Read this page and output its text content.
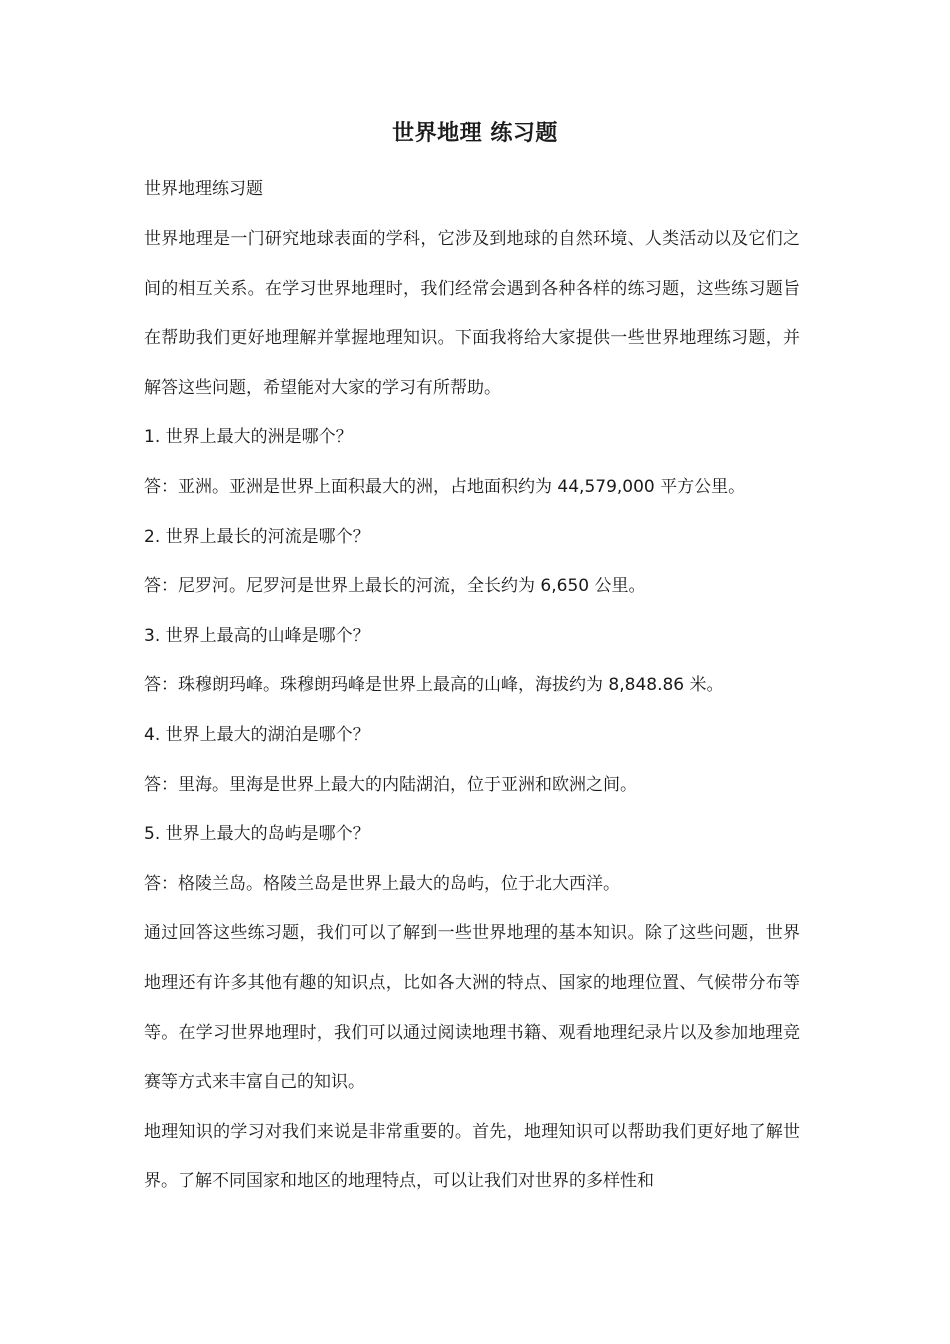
世界地理 练习题

世界地理练习题

世界地理是一门研究地球表面的学科，它涉及到地球的自然环境、人类活动以及它们之间的相互关系。在学习世界地理时，我们经常会遇到各种各样的练习题，这些练习题旨在帮助我们更好地理解并掌握地理知识。下面我将给大家提供一些世界地理练习题，并解答这些问题，希望能对大家的学习有所帮助。

1. 世界上最大的洲是哪个？

答：亚洲。亚洲是世界上面积最大的洲，占地面积约为 44,579,000 平方公里。

2. 世界上最长的河流是哪个？

答：尼罗河。尼罗河是世界上最长的河流，全长约为 6,650 公里。

3. 世界上最高的山峰是哪个？

答：珠穆朗玛峰。珠穆朗玛峰是世界上最高的山峰，海拔约为 8,848.86 米。

4. 世界上最大的湖泊是哪个？

答：里海。里海是世界上最大的内陆湖泊，位于亚洲和欧洲之间。

5. 世界上最大的岛屿是哪个？

答：格陵兰岛。格陵兰岛是世界上最大的岛屿，位于北大西洋。

通过回答这些练习题，我们可以了解到一些世界地理的基本知识。除了这些问题，世界地理还有许多其他有趣的知识点，比如各大洲的特点、国家的地理位置、气候带分布等等。在学习世界地理时，我们可以通过阅读地理书籍、观看地理纪录片以及参加地理竞赛等方式来丰富自己的知识。

地理知识的学习对我们来说是非常重要的。首先，地理知识可以帮助我们更好地了解世界。了解不同国家和地区的地理特点，可以让我们对世界的多样性和
